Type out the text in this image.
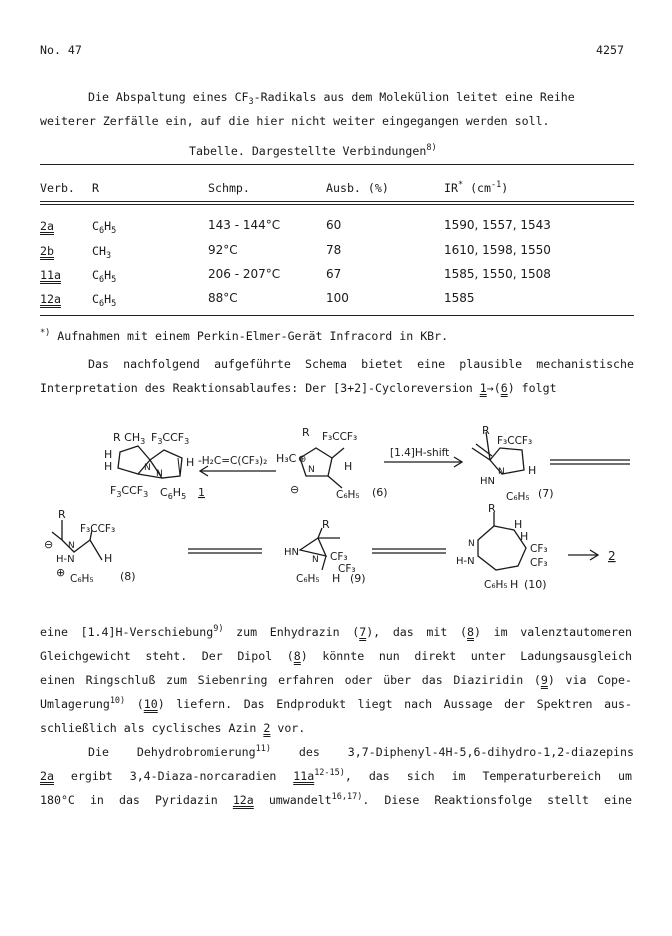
No. 47	4257
Die Abspaltung eines $CF_3$-Radikals aus dem Molekülion leitet eine Reihe
weiterer Zerfälle ein, auf die hier nicht weiter eingegangen werden soll.
Tabelle. Dargestellte Verbindungen$^{8)}$
Verb. R	Schmp.	Ausb. (%)	IR* $(cm^{-1})$
2a	$C_6H_5$	143 - 144°C	60	1590, 1557, 1543
2b	$CH_3$	92°C	78	1610, 1598, 1550
11a	$C_6H_5$	206 - 207°C	67	1585, 1550, 1508
12a	$C_6H_5$	88°C	100	1585
*) Aufnahmen mit einem Perkin-Elmer-Gerät Infracord in KBr.
Das nachfolgend aufgeführte Schema bietet eine plausible mechanistische
Interpretation des Reaktionsablaufes: Der [3+2]-Cycloreversion 1→(6) folgt
R $CH_3$ $F_3CCF_3$
H
H	H
N
N
$F_3CCF_3$ $C_6H_5$ 1
-H₂C=C(CF₃)₂
R F₃CCF₃
H₃C ⊕
⊖
N	H
C₆H₅ (6)
[1.4]H-shift
R
F₃CCF₃
HN
N H
C₆H₅ (7)
R
F₃CCF₃
⊖
H-N
N
⊕
H
C₆H₅ (8)
R
HN
N CF₃
CF₃
C₆H₅ H (9)
R
H
H
N
H-N
CF₃
CF₃
C₆H₅ H (10)
2
eine [1.4]H-Verschiebung$^{9)}$ zum Enhydrazin (7), das mit (8) im valenztautomeren
Gleichgewicht steht. Der Dipol (8) könnte nun direkt unter Ladungsausgleich
einen Ringschluß zum Siebenring erfahren oder über das Diaziridin (9) via Cope-
Umlagerung$^{10)}$ (10) liefern. Das Endprodukt liegt nach Aussage der Spektren aus-
schließlich als cyclisches Azin 2 vor.
Die Dehydrobromierung$^{11)}$ des 3,7-Diphenyl-4H-5,6-dihydro-1,2-diazepins
2a ergibt 3,4-Diaza-norcaradien $11a^{12-15)}$, das sich im Temperaturbereich um
180°C in das Pyridazin 12a umwandelt$^{16,17)}$. Diese Reaktionsfolge stellt eine
